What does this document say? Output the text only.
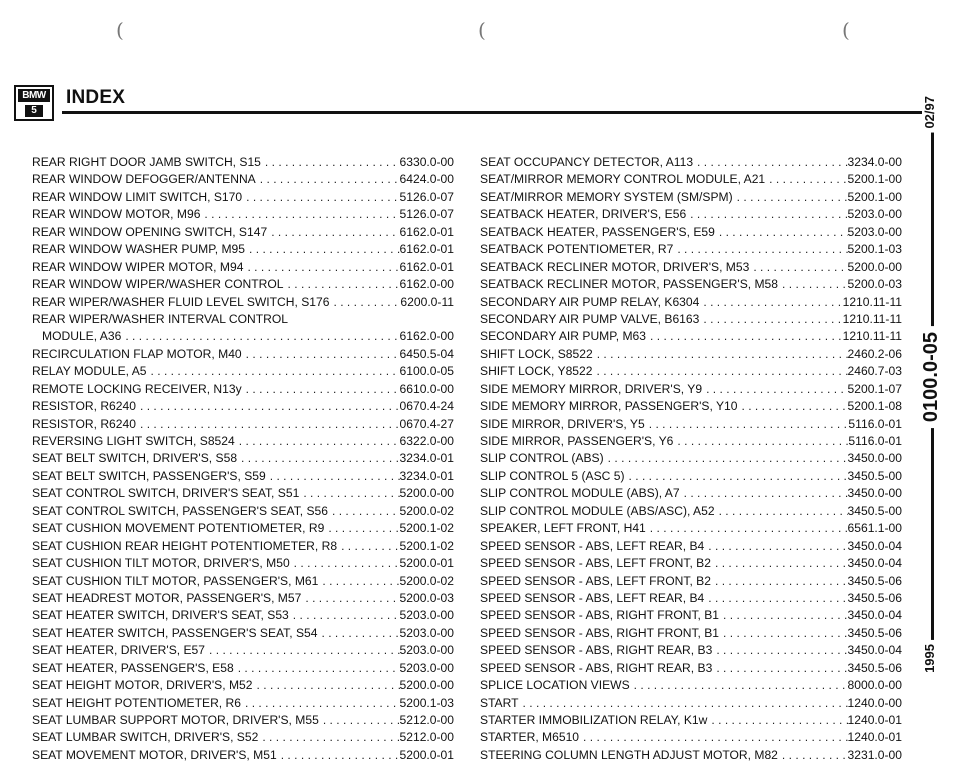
(	(	(
BMW
5
INDEX
REAR RIGHT DOOR JAMB SWITCH, S15 . . .	6330.0-00
REAR WINDOW DEFOGGER/ANTENNA . . .	6424.0-00
REAR WINDOW LIMIT SWITCH, S170 . . .	5126.0-07
REAR WINDOW MOTOR, M96 . . .	5126.0-07
REAR WINDOW OPENING SWITCH, S147 . . .	6162.0-01
REAR WINDOW WASHER PUMP, M95 . . .	6162.0-01
REAR WINDOW WIPER MOTOR, M94 . . .	6162.0-01
REAR WINDOW WIPER/WASHER CONTROL . . .	6162.0-00
REAR WIPER/WASHER FLUID LEVEL SWITCH, S176 . . .	6200.0-11
REAR WIPER/WASHER INTERVAL CONTROL
MODULE, A36 . . .	6162.0-00
RECIRCULATION FLAP MOTOR, M40 . . .	6450.5-04
RELAY MODULE, A5 . . .	6100.0-05
REMOTE LOCKING RECEIVER, N13y . . .	6610.0-00
RESISTOR, R6240 . . .	0670.4-24
RESISTOR, R6240 . . .	0670.4-27
REVERSING LIGHT SWITCH, S8524 . . .	6322.0-00
SEAT BELT SWITCH, DRIVER'S, S58 . . .	3234.0-01
SEAT BELT SWITCH, PASSENGER'S, S59 . . .	3234.0-01
SEAT CONTROL SWITCH, DRIVER'S SEAT, S51 . . .	5200.0-00
SEAT CONTROL SWITCH, PASSENGER'S SEAT, S56 . . .	5200.0-02
SEAT CUSHION MOVEMENT POTENTIOMETER, R9 . . .	5200.1-02
SEAT CUSHION REAR HEIGHT POTENTIOMETER, R8 . . .	5200.1-02
SEAT CUSHION TILT MOTOR, DRIVER'S, M50 . . .	5200.0-01
SEAT CUSHION TILT MOTOR, PASSENGER'S, M61 . . .	5200.0-02
SEAT HEADREST MOTOR, PASSENGER'S, M57 . . .	5200.0-03
SEAT HEATER SWITCH, DRIVER'S SEAT, S53 . . .	5203.0-00
SEAT HEATER SWITCH, PASSENGER'S SEAT, S54 . . .	5203.0-00
SEAT HEATER, DRIVER'S, E57 . . .	5203.0-00
SEAT HEATER, PASSENGER'S, E58 . . .	5203.0-00
SEAT HEIGHT MOTOR, DRIVER'S, M52 . . .	5200.0-00
SEAT HEIGHT POTENTIOMETER, R6 . . .	5200.1-03
SEAT LUMBAR SUPPORT MOTOR, DRIVER'S, M55 . . .	5212.0-00
SEAT LUMBAR SWITCH, DRIVER'S, S52 . . .	5212.0-00
SEAT MOVEMENT MOTOR, DRIVER'S, M51 . . .	5200.0-01
SEAT OCCUPANCY DETECTOR, A113 . . .	3234.0-00
SEAT/MIRROR MEMORY CONTROL MODULE, A21 . . .	5200.1-00
SEAT/MIRROR MEMORY SYSTEM (SM/SPM) . . .	5200.1-00
SEATBACK HEATER, DRIVER'S, E56 . . .	5203.0-00
SEATBACK HEATER, PASSENGER'S, E59 . . .	5203.0-00
SEATBACK POTENTIOMETER, R7 . . .	5200.1-03
SEATBACK RECLINER MOTOR, DRIVER'S, M53 . . .	5200.0-00
SEATBACK RECLINER MOTOR, PASSENGER'S, M58 . . .	5200.0-03
SECONDARY AIR PUMP RELAY, K6304 . . .	1210.11-11
SECONDARY AIR PUMP VALVE, B6163 . . .	1210.11-11
SECONDARY AIR PUMP, M63 . . .	1210.11-11
SHIFT LOCK, S8522 . . .	2460.2-06
SHIFT LOCK, Y8522 . . .	2460.7-03
SIDE MEMORY MIRROR, DRIVER'S, Y9 . . .	5200.1-07
SIDE MEMORY MIRROR, PASSENGER'S, Y10 . . .	5200.1-08
SIDE MIRROR, DRIVER'S, Y5 . . .	5116.0-01
SIDE MIRROR, PASSENGER'S, Y6 . . .	5116.0-01
SLIP CONTROL (ABS) . . .	3450.0-00
SLIP CONTROL 5 (ASC 5) . . .	3450.5-00
SLIP CONTROL MODULE (ABS), A7 . . .	3450.0-00
SLIP CONTROL MODULE (ABS/ASC), A52 . . .	3450.5-00
SPEAKER, LEFT FRONT, H41 . . .	6561.1-00
SPEED SENSOR - ABS, LEFT REAR, B4 . . .	3450.0-04
SPEED SENSOR - ABS, LEFT FRONT, B2 . . .	3450.0-04
SPEED SENSOR - ABS, LEFT FRONT, B2 . . .	3450.5-06
SPEED SENSOR - ABS, LEFT REAR, B4 . . .	3450.5-06
SPEED SENSOR - ABS, RIGHT FRONT, B1 . . .	3450.0-04
SPEED SENSOR - ABS, RIGHT FRONT, B1 . . .	3450.5-06
SPEED SENSOR - ABS, RIGHT REAR, B3 . . .	3450.0-04
SPEED SENSOR - ABS, RIGHT REAR, B3 . . .	3450.5-06
SPLICE LOCATION VIEWS . . .	8000.0-00
START . . .	1240.0-00
STARTER IMMOBILIZATION RELAY, K1w . . .	1240.0-01
STARTER, M6510 . . .	1240.0-01
STEERING COLUMN LENGTH ADJUST MOTOR, M82 . . .	3231.0-00
02/97
0100.0-05
1995
